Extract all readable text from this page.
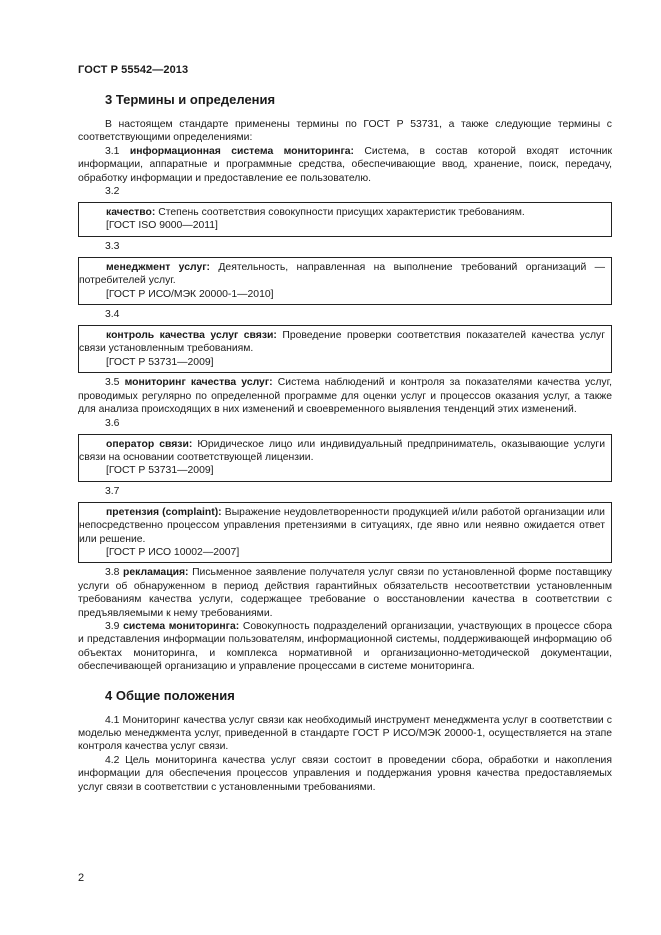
ГОСТ Р 55542—2013
3 Термины и определения

В настоящем стандарте применены термины по ГОСТ Р 53731, а также следующие термины с соответствующими определениями:

3.1 информационная система мониторинга: Система, в состав которой входят источник информации, аппаратные и программные средства, обеспечивающие ввод, хранение, поиск, передачу, обработку информации и предоставление ее пользователю.

3.2

качество: Степень соответствия совокупности присущих характеристик требованиям.

[ГОСТ ISO 9000—2011]
3.3

менеджмент услуг: Деятельность, направленная на выполнение требований организаций — потребителей услуг.

[ГОСТ Р ИСО/МЭК 20000-1—2010]
3.4

контроль качества услуг связи: Проведение проверки соответствия показателей качества услуг связи установленным требованиям.

[ГОСТ Р 53731—2009]

3.5 мониторинг качества услуг: Система наблюдений и контроля за показателями качества услуг, проводимых регулярно по определенной программе для оценки услуг и процессов оказания услуг, а также для анализа происходящих в них изменений и своевременного выявления тенденций этих изменений.

3.6

оператор связи: Юридическое лицо или индивидуальный предприниматель, оказывающие услуги связи на основании соответствующей лицензии.

[ГОСТ Р 53731—2009]
3.7

претензия (complaint): Выражение неудовлетворенности продукцией и/или работой организации или непосредственно процессом управления претензиями в ситуациях, где явно или неявно ожидается ответ или решение.

[ГОСТ Р ИСО 10002—2007]

3.8 рекламация: Письменное заявление получателя услуг связи по установленной форме поставщику услуги об обнаруженном в период действия гарантийных обязательств несоответствии установленным требованиям качества услуги, содержащее требование о восстановлении качества в соответствии с предъявляемыми к нему требованиями.

3.9 система мониторинга: Совокупность подразделений организации, участвующих в процессе сбора и представления информации пользователям, информационной системы, поддерживающей информацию об объектах мониторинга, и комплекса нормативной и организационно-методической документации, обеспечивающей организацию и управление процессами в системе мониторинга.

4 Общие положения

4.1 Мониторинг качества услуг связи как необходимый инструмент менеджмента услуг в соответствии с моделью менеджмента услуг, приведенной в стандарте ГОСТ Р ИСО/МЭК 20000-1, осуществляется на этапе контроля качества услуг связи.

4.2 Цель мониторинга качества услуг связи состоит в проведении сбора, обработки и накопления информации для обеспечения процессов управления и поддержания уровня качества предоставляемых услуг связи в соответствии с установленными требованиями.

2
